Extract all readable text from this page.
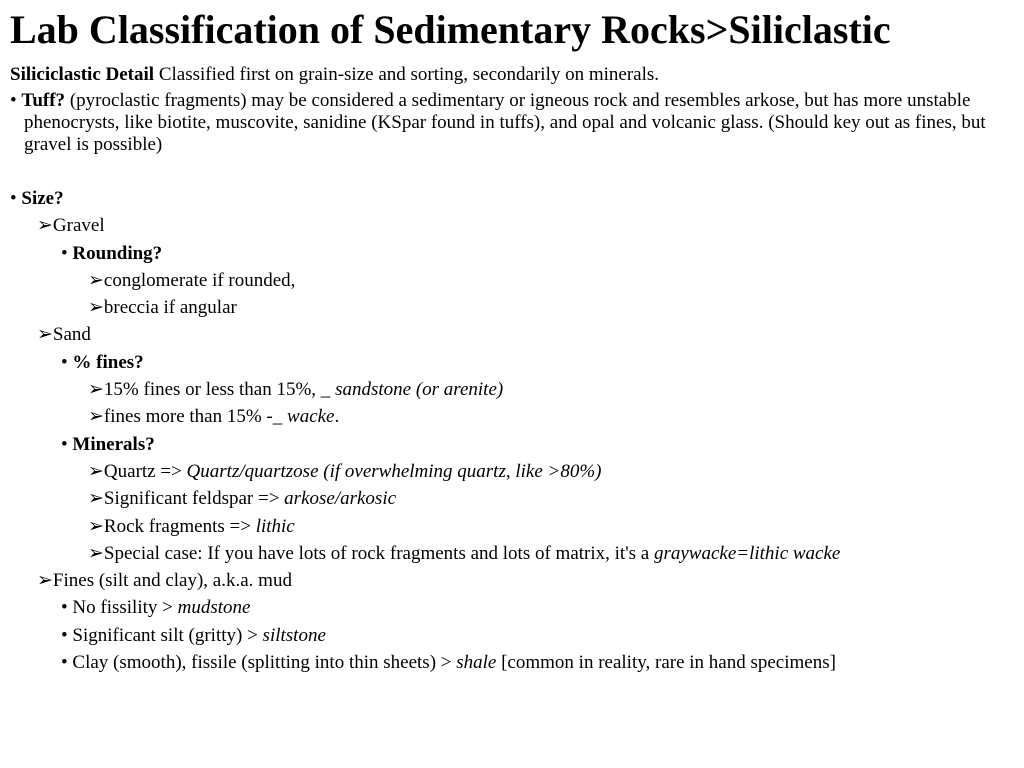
Lab Classification of Sedimentary Rocks>Siliclastic

Siliciclastic Detail Classified first on grain-size and sorting, secondarily on minerals.

• Tuff? (pyroclastic fragments) may be considered a sedimentary or igneous rock and resembles arkose, but has more unstable phenocrysts, like biotite, muscovite, sanidine (KSpar found in tuffs), and opal and volcanic glass. (Should key out as fines, but gravel is possible)

• Size?
➢Gravel
• Rounding?
➢conglomerate if rounded,
➢breccia if angular
➢Sand
• % fines?
➢15% fines or less than 15%, _ sandstone (or arenite)
➢fines more than 15% -_ wacke.
• Minerals?
➢Quartz => Quartz/quartzose (if overwhelming quartz, like >80%)
➢Significant feldspar => arkose/arkosic
➢Rock fragments => lithic
➢Special case: If you have lots of rock fragments and lots of matrix, it's a graywacke=lithic wacke
➢Fines (silt and clay), a.k.a. mud
• No fissility > mudstone
• Significant silt (gritty) > siltstone
• Clay (smooth), fissile (splitting into thin sheets) > shale [common in reality, rare in hand specimens]
